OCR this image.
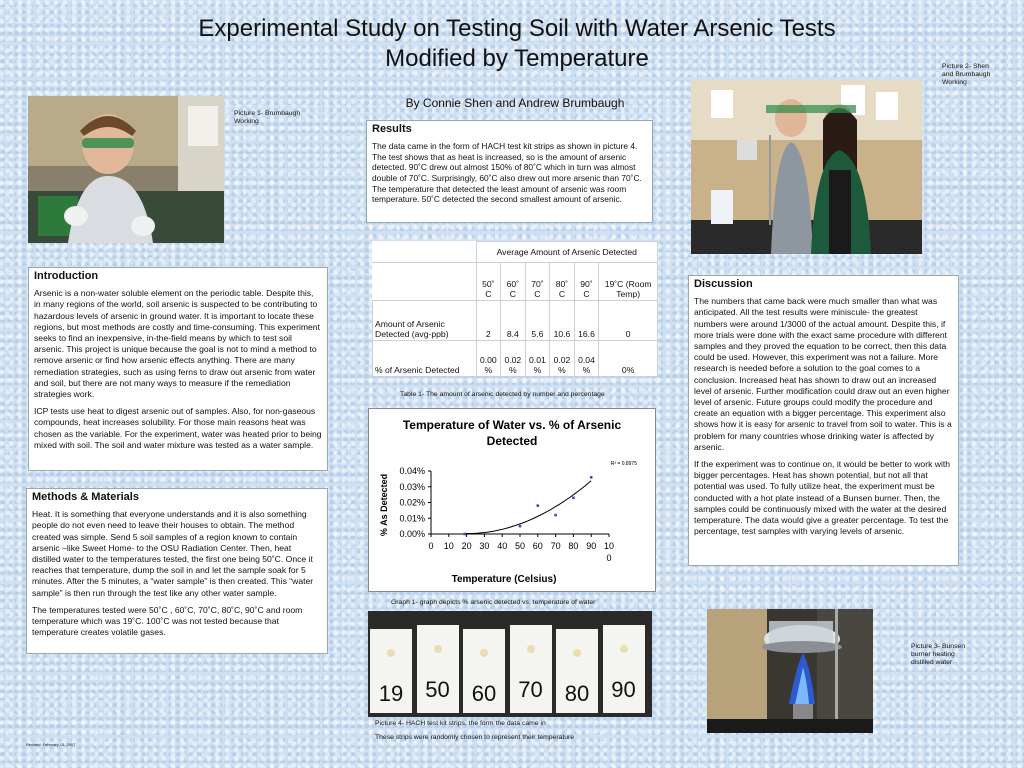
Experimental Study on Testing Soil with Water Arsenic Tests
Modified by Temperature
By Connie Shen and Andrew Brumbaugh
Picture 1- Brumbaugh Working
Results

The data came in the form of HACH test kit strips as shown in picture 4. The test shows that as heat is increased, so is the amount of arsenic detected. 90˚C drew out almost 150% of 80˚C which in turn was almost double of 70˚C. Surprisingly, 60˚C also drew out more arsenic than 70˚C. The temperature that detected the least amount of arsenic was room temperature. 50˚C detected the second smallest amount of arsenic.

Picture 2- Shen and Brumbaugh Working
	Average Amount of Arsenic Detected					
	50˚ C	60˚ C	70˚ C	80˚ C	90˚ C	19˚C (Room Temp)
Amount of Arsenic Detected (avg-ppb)	2	8.4	5.6	10.6	16.6	0
% of Arsenic Detected	0.00 %	0.02 %	0.01 %	0.02 %	0.04 %	0%
Table 1- The amount of arsenic detected by number and percentage
Introduction

Arsenic is a non-water soluble element on the periodic table. Despite this, in many regions of the world, soil arsenic is suspected to be contributing to hazardous levels of arsenic in ground water. It is important to locate these regions, but most methods are costly and time-consuming. This experiment seeks to find an inexpensive, in-the-field means by which to test soil arsenic. This project is unique because the goal is not to mind a method to remove arsenic or find how arsenic effects anything. There are many remediation strategies, such as using ferns to draw out arsenic from water and soil, but there are not many ways to measure if the remediation strategies work.

ICP tests use heat to digest arsenic out of samples. Also, for non-gaseous compounds, heat increases solubility. For those main reasons heat was chosen as the variable. For the experiment, water was heated prior to being mixed with soil. The soil and water mixture was tested as a water sample.

Methods & Materials

Heat. It is something that everyone understands and it is also something people do not even need to leave their houses to obtain. The method created was simple. Send 5 soil samples of a region known to contain arsenic –like Sweet Home- to the OSU Radiation Center. Then, heat distilled water to the temperatures tested, the first one being 50˚C. Once it reaches that temperature, dump the soil in and let the sample soak for 5 minutes. After the 5 minutes, a “water sample” is then created. This “water sample” is then run through the test like any other water sample.

The temperatures tested were 50˚C , 60˚C, 70˚C, 80˚C, 90˚C and room temperature which was 19˚C. 100˚C was not tested because that temperature creates volatile gases.

Discussion

The numbers that came back were much smaller than what was anticipated. All the test results were miniscule- the greatest numbers were around 1/3000 of the actual amount. Despite this, if more trials were done with the exact same procedure with different samples and they proved the equation to be correct, then this data could be used. However, this experiment was not a failure. More research is needed before a solution to the goal comes to a conclusion. Increased heat has shown to draw out an increased level of arsenic. Further modification could draw out an even higher level of arsenic. Future groups could modify the procedure and create an equation with a bigger percentage. This experiment also shows how it is easy for arsenic to travel from soil to water. This is a problem for many countries whose drinking water is affected by arsenic.

If the experiment was to continue on, it would be better to work with bigger percentages. Heat has shown potential, but not all that potential was used. To fully utilize heat, the experiment must be conducted with a hot plate instead of a Bunsen burner. Then, the samples could be continuously mixed with the water at the desired temperature. The data would give a greater percentage. To test the percentage, test samples with varying levels of arsenic.

Temperature of Water vs. % of Arsenic
Detected
% As Detected
Temperature (Celsius)
R² = 0.8975
0 10 20 30 40 50 60 70 80 90 10
0
0.00%
0.01%
0.02%
0.03%
0.04%
Graph 1- graph depicts % arsenic detected vs. temperature of water
19	50	60	70	80	90
Picture 4- HACH test kit strips, the form the data came in
These strips were randomly chosen to represent their temperature
Picture 3- Bunsen burner heating distilled water
Revised: February 15, 2007
